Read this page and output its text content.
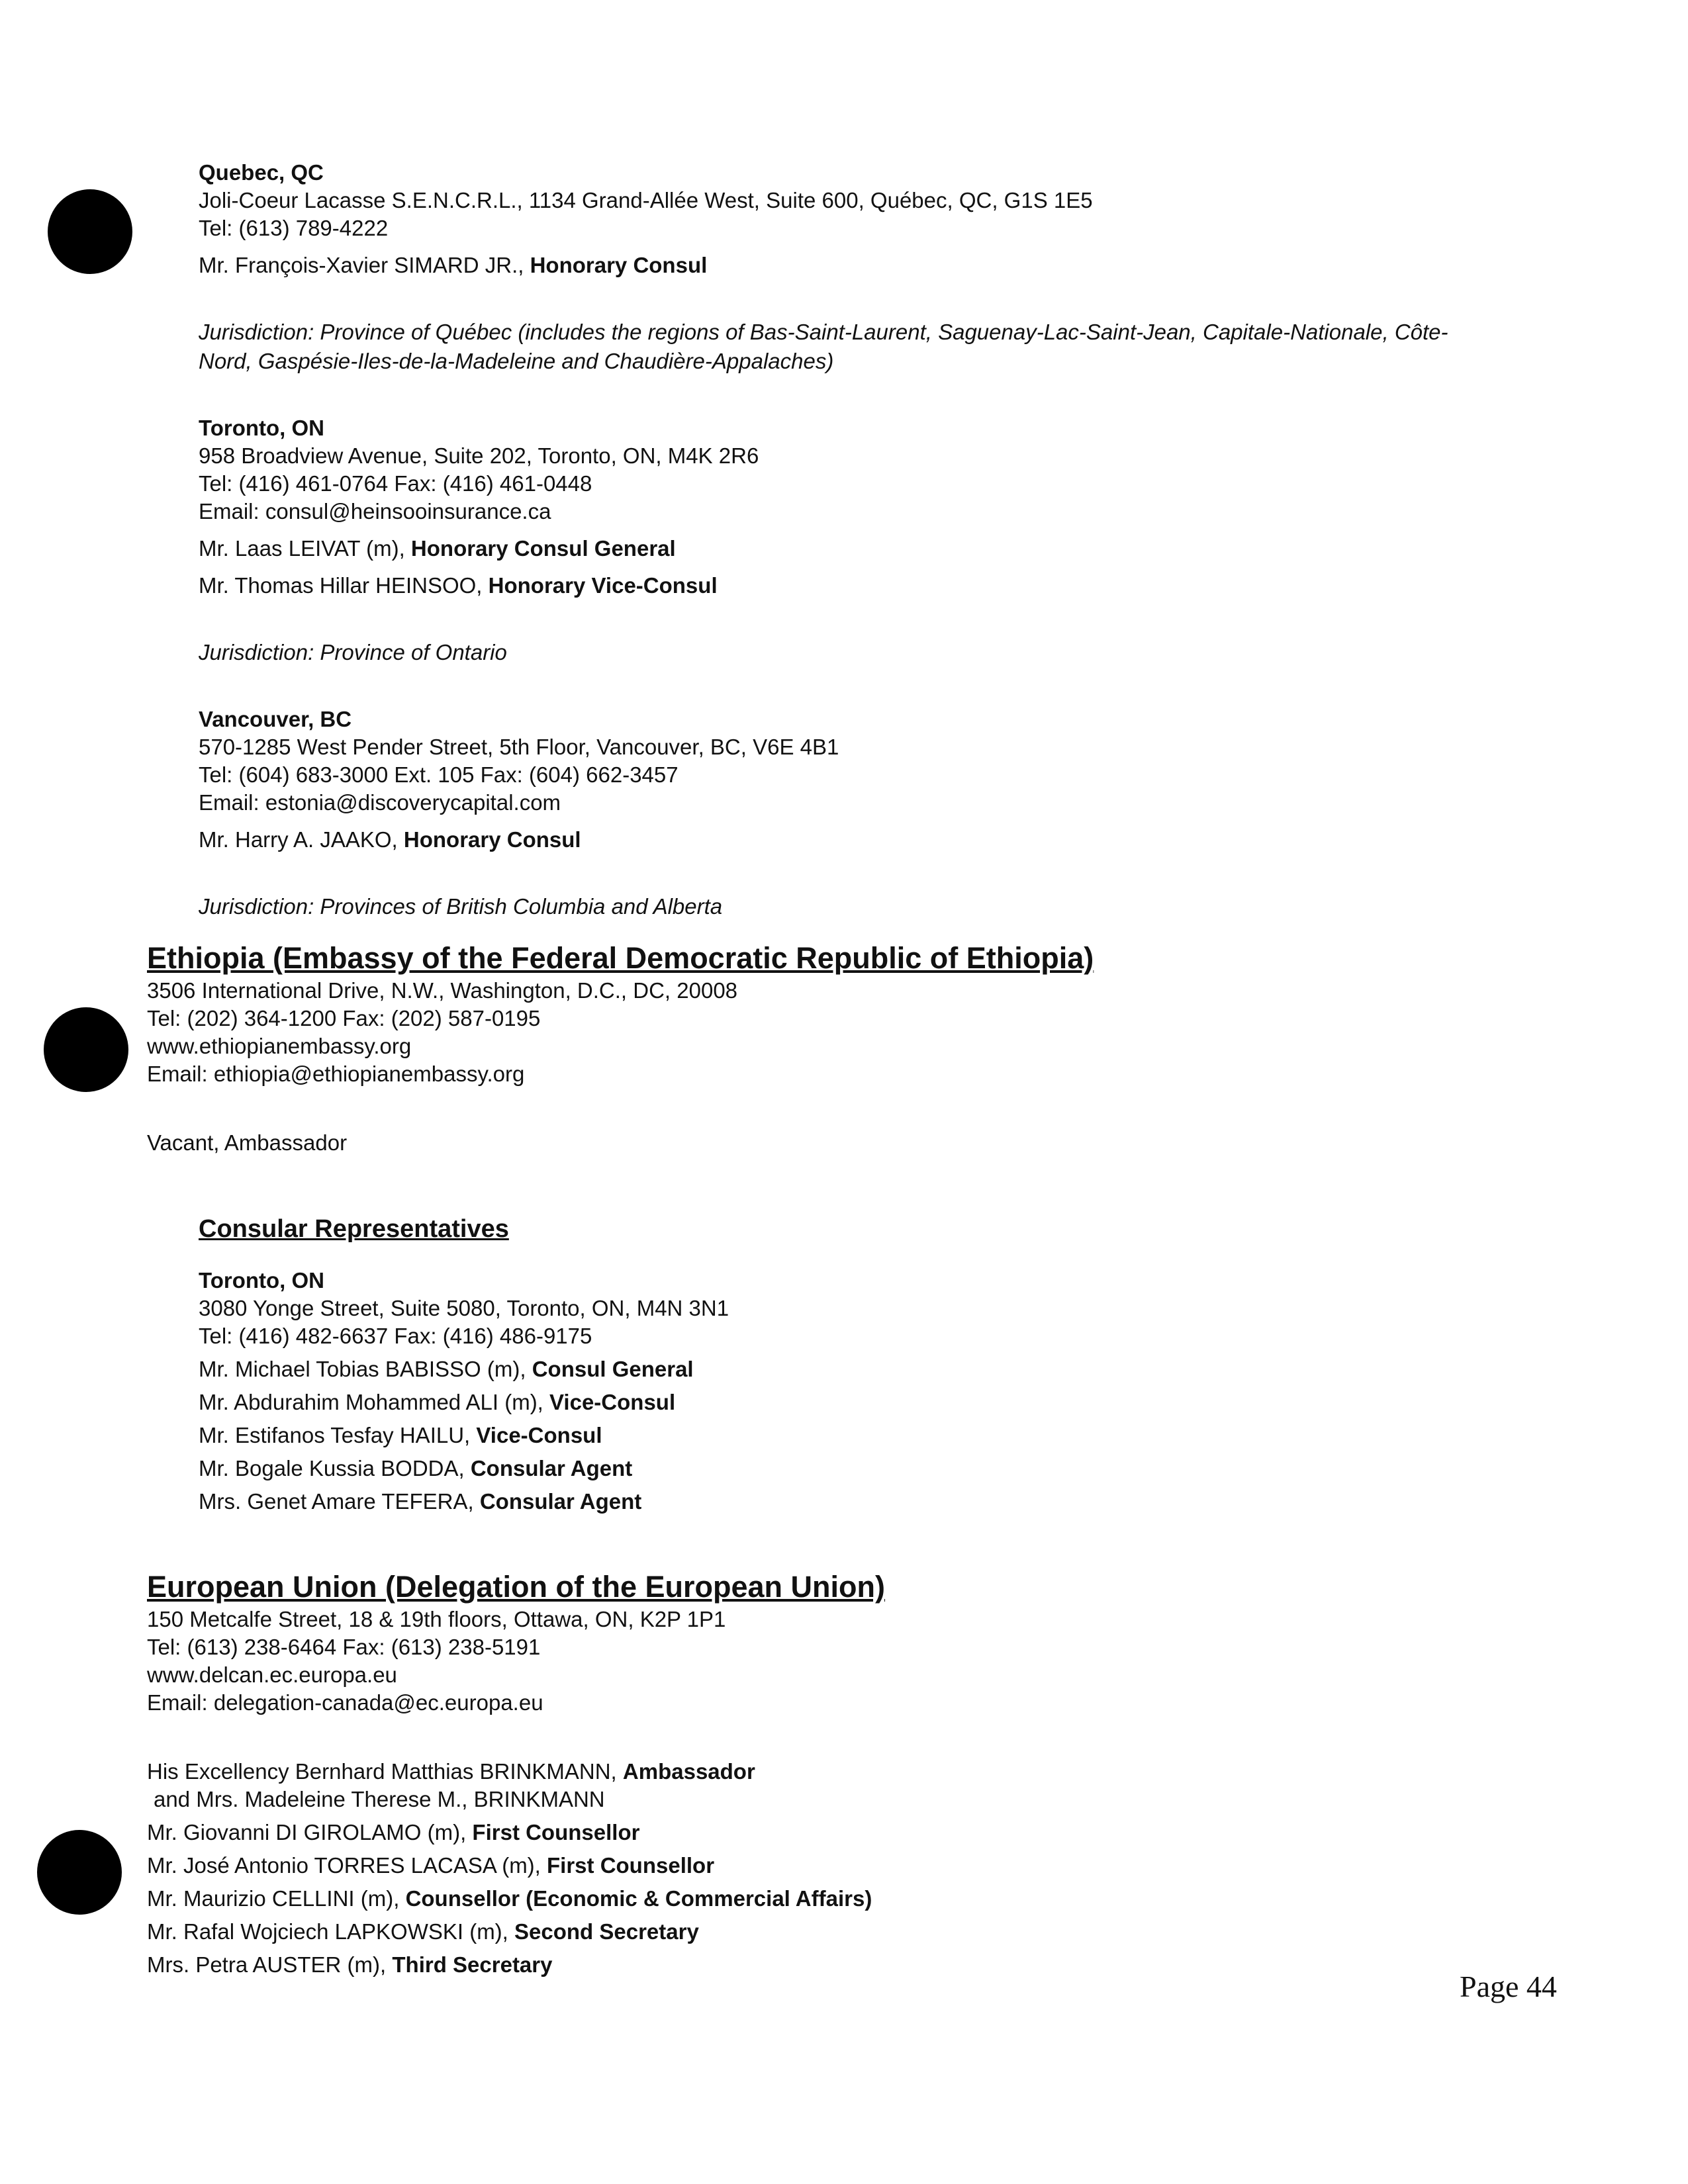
Quebec, QC

Joli-Coeur Lacasse S.E.N.C.R.L., 1134 Grand-Allée West, Suite 600, Québec, QC, G1S 1E5

Tel: (613) 789-4222

Mr. François-Xavier SIMARD JR., Honorary Consul

Jurisdiction: Province of Québec (includes the regions of Bas-Saint-Laurent, Saguenay-Lac-Saint-Jean, Capitale-Nationale, Côte-Nord, Gaspésie-Iles-de-la-Madeleine and Chaudière-Appalaches)

Toronto, ON

958 Broadview Avenue, Suite 202, Toronto, ON, M4K 2R6

Tel: (416) 461-0764 Fax: (416) 461-0448

Email: consul@heinsooinsurance.ca

Mr. Laas LEIVAT (m), Honorary Consul General

Mr. Thomas Hillar HEINSOO, Honorary Vice-Consul

Jurisdiction: Province of Ontario

Vancouver, BC

570-1285 West Pender Street, 5th Floor, Vancouver, BC, V6E 4B1

Tel: (604) 683-3000 Ext. 105 Fax: (604) 662-3457

Email: estonia@discoverycapital.com

Mr. Harry A. JAAKO, Honorary Consul

Jurisdiction: Provinces of British Columbia and Alberta

Ethiopia (Embassy of the Federal Democratic Republic of Ethiopia)

3506 International Drive, N.W., Washington, D.C., DC, 20008

Tel: (202) 364-1200 Fax: (202) 587-0195

www.ethiopianembassy.org

Email: ethiopia@ethiopianembassy.org

Vacant, Ambassador

Consular Representatives

Toronto, ON

3080 Yonge Street, Suite 5080, Toronto, ON, M4N 3N1

Tel: (416) 482-6637 Fax: (416) 486-9175

Mr. Michael Tobias BABISSO (m), Consul General

Mr. Abdurahim Mohammed ALI (m), Vice-Consul

Mr. Estifanos Tesfay HAILU, Vice-Consul

Mr. Bogale Kussia BODDA, Consular Agent

Mrs. Genet Amare TEFERA, Consular Agent

European Union (Delegation of the European Union)

150 Metcalfe Street, 18 & 19th floors, Ottawa, ON, K2P 1P1

Tel: (613) 238-6464 Fax: (613) 238-5191

www.delcan.ec.europa.eu

Email: delegation-canada@ec.europa.eu

His Excellency Bernhard Matthias BRINKMANN, Ambassador

and Mrs. Madeleine Therese M., BRINKMANN

Mr. Giovanni DI GIROLAMO (m), First Counsellor

Mr. José Antonio TORRES LACASA (m), First Counsellor

Mr. Maurizio CELLINI (m), Counsellor (Economic & Commercial Affairs)

Mr. Rafal Wojciech LAPKOWSKI (m), Second Secretary

Mrs. Petra AUSTER (m), Third Secretary

Page 44
